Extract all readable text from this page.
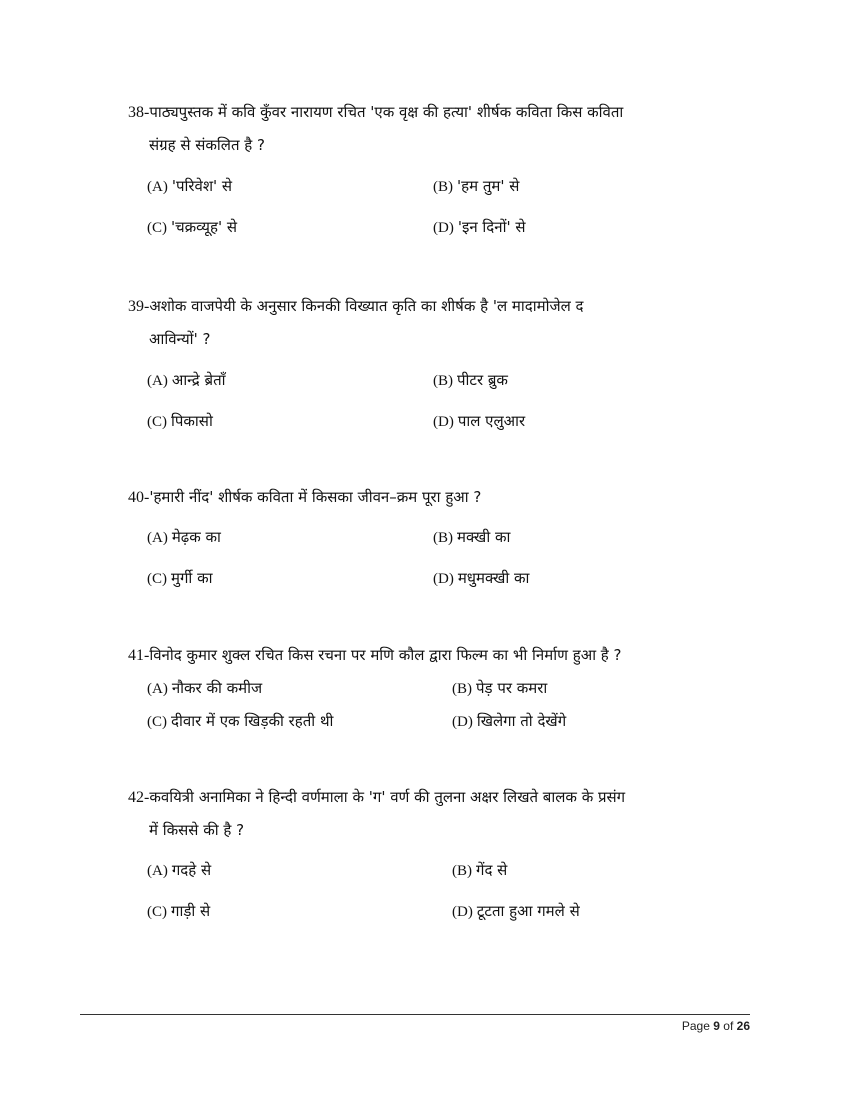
38-पाठ्यपुस्तक में कवि कुँवर नारायण रचित 'एक वृक्ष की हत्या' शीर्षक कविता किस कविता
संग्रह से संकलित है ?
(A) 'परिवेश' से	(B) 'हम तुम' से
(C) 'चक्रव्यूह' से	(D) 'इन दिनों' से
39-अशोक वाजपेयी के अनुसार किनकी विख्यात कृति का शीर्षक है 'ल मादामोजेल द
आविन्यों' ?
(A) आन्द्रे ब्रेताँ	(B) पीटर ब्रुक
(C) पिकासो	(D) पाल एलुआर
40-'हमारी नींद' शीर्षक कविता में किसका जीवन–क्रम पूरा हुआ ?
(A) मेढ़क का	(B) मक्खी का
(C) मुर्गी का	(D) मधुमक्खी का
41-विनोद कुमार शुक्ल रचित किस रचना पर मणि कौल द्वारा फिल्म का भी निर्माण हुआ है ?
(A) नौकर की कमीज	(B) पेड़ पर कमरा
(C) दीवार में एक खिड़की रहती थी	(D) खिलेगा तो देखेंगे
42-कवयित्री अनामिका ने हिन्दी वर्णमाला के 'ग' वर्ण की तुलना अक्षर लिखते बालक के प्रसंग
में किससे की है ?
(A) गदहे से	(B) गेंद से
(C) गाड़ी से	(D) टूटता हुआ गमले से
Page 9 of 26
